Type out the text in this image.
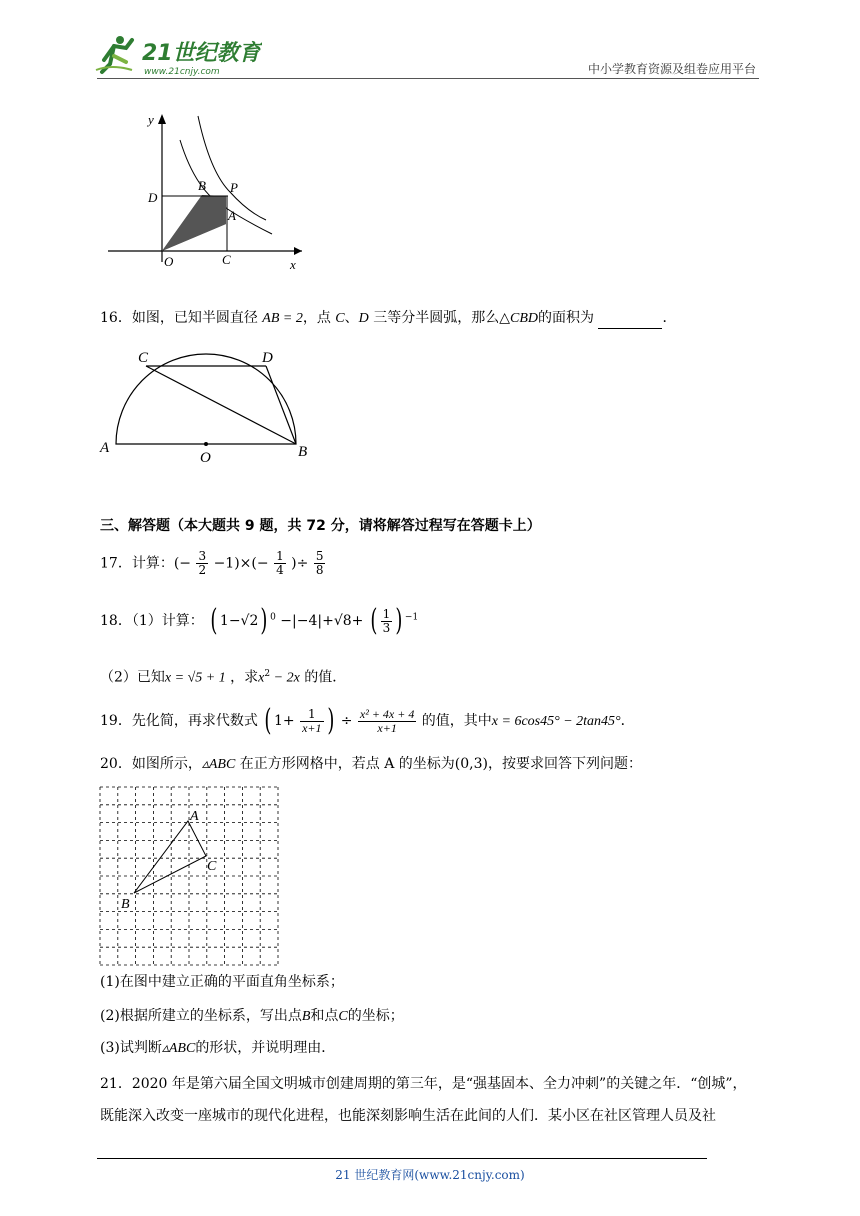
21世纪教育
www.21cnjy.com	中小学教育资源及组卷应用平台
y
x
O	C
D
B P
A
16．如图，已知半圆直径 AB = 2，点 C、D 三等分半圆弧，那么△CBD的面积为	．
C	D
A
O	B
三、解答题（本大题共 9 题，共 72 分，请将解答过程写在答题卡上）
17．计算：(− $\frac{3}{2} -1)\times(- \frac{1}{4}$ )÷ $\frac{5}{8}$
18．（1）计算： ( 1−√2) $^0$ −|−4|+√8+ ( $\frac{1}{3}$ ) $^{-1}$
（2）已知x = √5 + 1 ，求$x^2 - 2x$ 的值．
19．先化简，再求代数式 ( $1+ \frac{1}{x+1}$ ) ÷ $\frac{\text{x² + 4x + 4}}{x+1}$ 的值，其中x = 6cos45° − 2tan45°．
20．如图所示，▵ABC 在正方形网格中，若点 A 的坐标为(0,3)，按要求回答下列问题：
A
B
C
(1)在图中建立正确的平面直角坐标系；
(2)根据所建立的坐标系，写出点B和点C的坐标；
(3)试判断▵ABC的形状，并说明理由．
21．2020 年是第六届全国文明城市创建周期的第三年，是“强基固本、全力冲刺”的关键之年．“创城”，
既能深入改变一座城市的现代化进程，也能深刻影响生活在此间的人们．某小区在社区管理人员及社
21 世纪教育网(www.21cnjy.com)
